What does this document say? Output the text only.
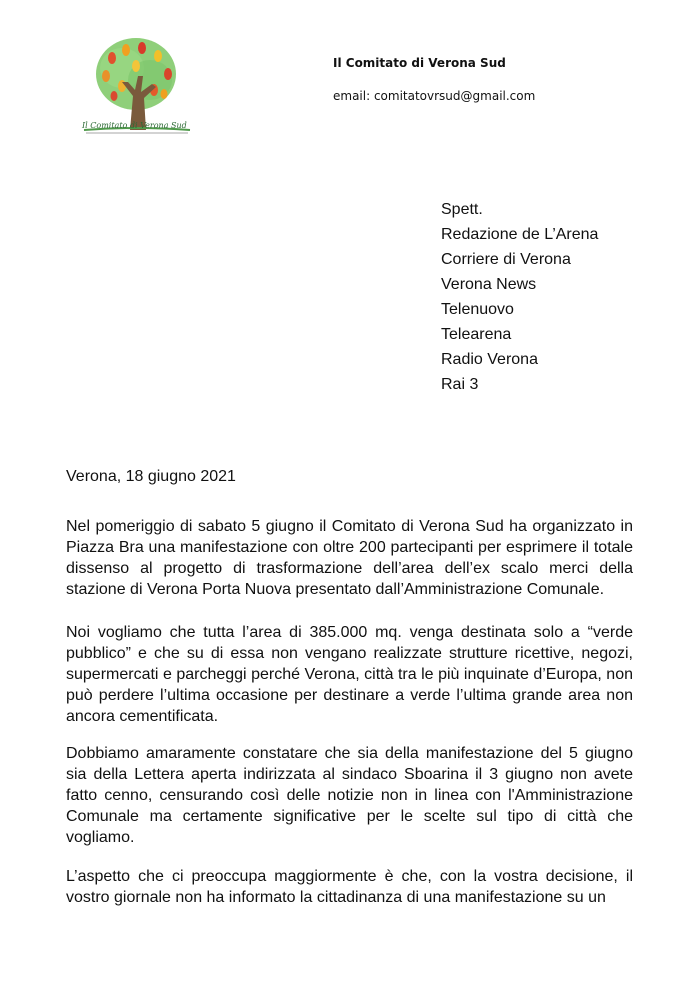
Il Comitato di Verona Sud
Il Comitato di Verona Sud
email: comitatovrsud@gmail.com
Spett.
Redazione de L’Arena
Corriere di Verona
Verona News
Telenuovo
Telearena
Radio Verona
Rai 3
Verona, 18 giugno 2021

Nel pomeriggio di sabato 5 giugno il Comitato di Verona Sud ha organizzato in Piazza Bra una manifestazione con oltre 200 partecipanti per esprimere il totale dissenso al progetto di trasformazione dell’area dell’ex scalo merci della stazione di Verona Porta Nuova presentato dall’Amministrazione Comunale.

Noi vogliamo che tutta l’area di 385.000 mq. venga destinata solo a “verde pubblico” e che su di essa non vengano realizzate strutture ricettive, negozi, supermercati e parcheggi perché Verona, città tra le più inquinate d’Europa, non può perdere l’ultima occasione per destinare a verde l’ultima grande area non ancora cementificata.

Dobbiamo amaramente constatare che sia della manifestazione del 5 giugno sia della Lettera aperta indirizzata al sindaco Sboarina il 3 giugno non avete fatto cenno, censurando così delle notizie non in linea con l'Amministrazione Comunale ma certamente significative per le scelte sul tipo di città che vogliamo.

L’aspetto che ci preoccupa maggiormente è che, con la vostra decisione, il vostro giornale non ha informato la cittadinanza di una manifestazione su un
